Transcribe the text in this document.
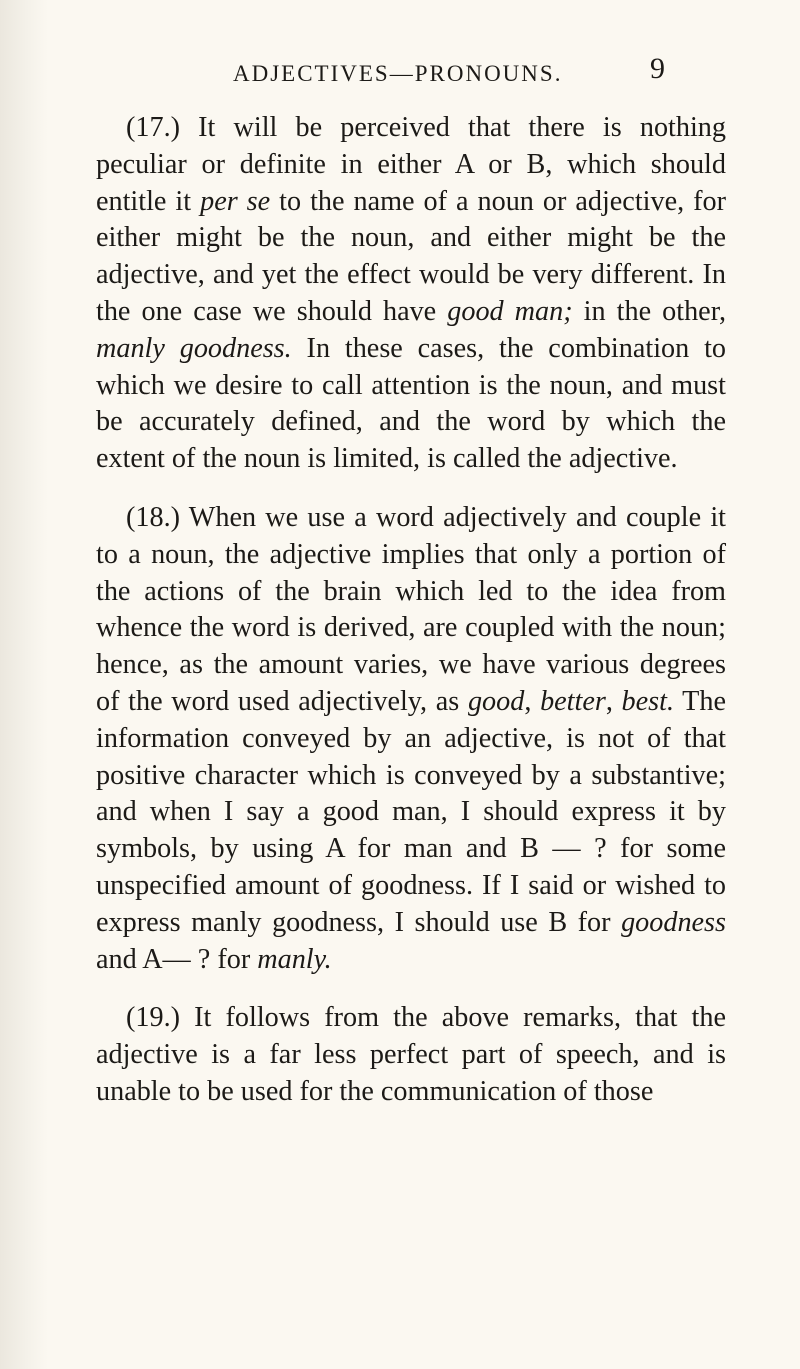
ADJECTIVES—PRONOUNS.	9

(17.) It will be perceived that there is nothing peculiar or definite in either A or B, which should entitle it per se to the name of a noun or adjective, for either might be the noun, and either might be the adjective, and yet the effect would be very different. In the one case we should have good man; in the other, manly goodness. In these cases, the combination to which we desire to call attention is the noun, and must be accurately defined, and the word by which the extent of the noun is limited, is called the adjective.

(18.) When we use a word adjectively and couple it to a noun, the adjective implies that only a portion of the actions of the brain which led to the idea from whence the word is derived, are coupled with the noun; hence, as the amount varies, we have various degrees of the word used adjectively, as good, better, best. The information conveyed by an adjective, is not of that positive character which is conveyed by a substantive; and when I say a good man, I should express it by symbols, by using A for man and B — ? for some unspecified amount of goodness. If I said or wished to express manly goodness, I should use B for goodness and A— ? for manly.

(19.) It follows from the above remarks, that the adjective is a far less perfect part of speech, and is unable to be used for the communication of those
